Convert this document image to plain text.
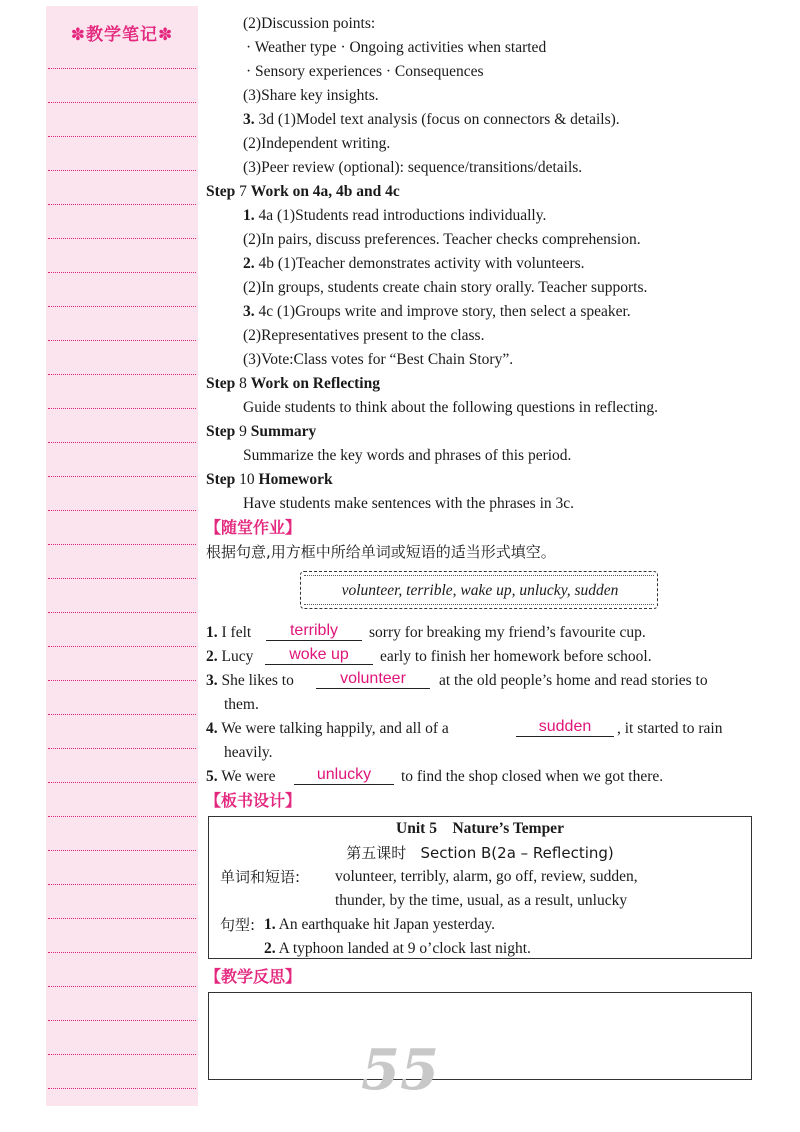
✽教学笔记✽
(2)Discussion points:
· Weather type · Ongoing activities when started
· Sensory experiences · Consequences
(3)Share key insights.
3. 3d (1)Model text analysis (focus on connectors & details).
(2)Independent writing.
(3)Peer review (optional): sequence/transitions/details.
Step 7 Work on 4a, 4b and 4c
1. 4a (1)Students read introductions individually.
(2)In pairs, discuss preferences. Teacher checks comprehension.
2. 4b (1)Teacher demonstrates activity with volunteers.
(2)In groups, students create chain story orally. Teacher supports.
3. 4c (1)Groups write and improve story, then select a speaker.
(2)Representatives present to the class.
(3)Vote:Class votes for “Best Chain Story”.
Step 8 Work on Reflecting
Guide students to think about the following questions in reflecting.
Step 9 Summary
Summarize the key words and phrases of this period.
Step 10 Homework
Have students make sentences with the phrases in 3c.
【随堂作业】
根据句意,用方框中所给单词或短语的适当形式填空。
volunteer, terrible, wake up, unlucky, sudden
1. I felt	terribly	sorry for breaking my friend’s favourite cup.
2. Lucy	woke up	early to finish her homework before school.
3. She likes to	volunteer	at the old people’s home and read stories to
them.
4. We were talking happily, and all of a	sudden	, it started to rain
heavily.
5. We were	unlucky	to find the shop closed when we got there.
【板书设计】
Unit 5    Nature’s Temper
第五课时   Section B(2a – Reflecting)
单词和短语: volunteer, terribly, alarm, go off, review, sudden,
thunder, by the time, usual, as a result, unlucky
句型: 1. An earthquake hit Japan yesterday.
2. A typhoon landed at 9 o’clock last night.
【教学反思】
55
